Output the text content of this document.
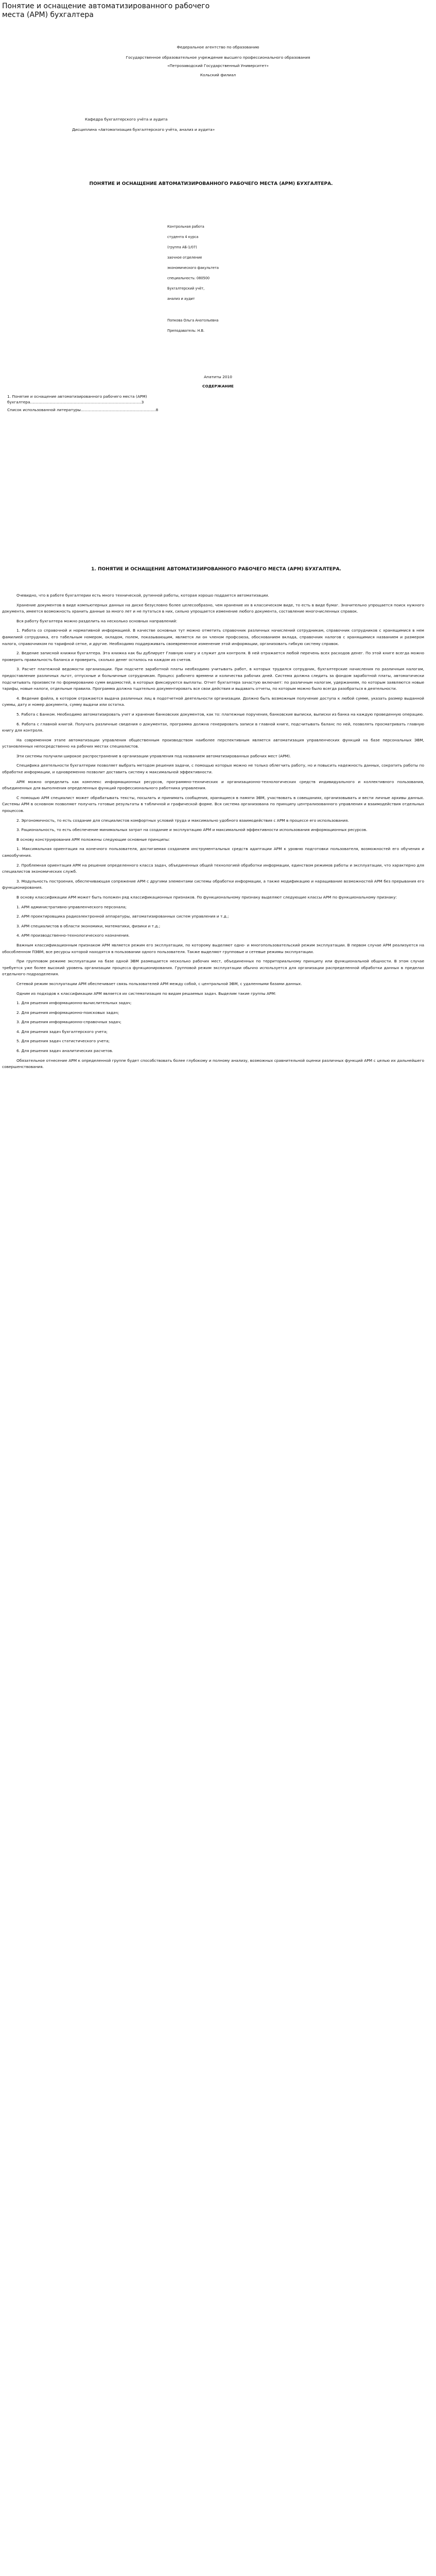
Понятие и оснащение автоматизированного рабочего места (АРМ) бухгалтера
Федеральное агентство по образованию
Государственное образовательное учреждение высшего профессионального образования
«Петрозаводский Государственный Университет»
Кольский филиал
Кафедра бухгалтерского учёта и аудита
Дисциплина «Автоматизация бухгалтерского учёта, анализ и аудита»
ПОНЯТИЕ И ОСНАЩЕНИЕ АВТОМАТИЗИРОВАННОГО РАБОЧЕГО МЕСТА (АРМ) БУХГАЛТЕРА.
Контрольная работа
студента 4 курса
(группа АБ-1/07)
заочное отделение
экономического факультета
специальность: 080500
Бухгалтерский учёт,
анализ и аудит
Попкова Ольга Анатольевна
Преподаватель: Н.В.
Апатиты 2010
СОДЕРЖАНИЕ
1. Понятие и оснащение автоматизированного рабочего места (АРМ) бухгалтера............................................................................................3
Список использованной литературы..............................................................8
1. ПОНЯТИЕ И ОСНАЩЕНИЕ АВТОМАТИЗИРОВАННОГО РАБОЧЕГО МЕСТА (АРМ) БУХГАЛТЕРА.

Очевидно, что в работе бухгалтерии есть много технической, рутинной работы, которая хорошо поддается автоматизации.

Хранение документов в виде компьютерных данных на диске безусловно более целесообразно, чем хранение их в классическом виде, то есть в виде бумаг. Значительно упрощается поиск нужного документа, имеется возможность хранить данные за много лет и не путаться в них, сильно упрощается изменение любого документа, составление многочисленных справок.

Вся работу бухгалтера можно разделить на несколько основных направлений:

1. Работа со справочной и нормативной информацией. В качестве основных тут можно отметить справочник различных начислений сотрудникам, справочник сотрудников с хранящимися в нем фамилией сотрудника, его табельным номером, окладом, полем, показывающим, является ли он членом профсоюза, обоснованием вклада, справочник налогов с хранящимися названием и размером налога, справочником по тарифной сетке, и другие. Необходимо поддерживать своевременное изменение этой информации, организовать гибкую систему справок.

2. Ведение записной книжки бухгалтера. Эта книжка как бы дублирует Главную книгу и служит для контроля. В ней отражается любой перечень всех расходов денег. По этой книге всегда можно проверить правильность баланса и проверить, сколько денег осталось на каждом из счетов.

3. Расчет платежной ведомости организации. При подсчете заработной платы необходимо учитывать работ, в которых трудился сотрудник, бухгалтерские начисления по различным налогам, предоставление различных льгот, отпускные и больничные сотрудникам. Процесс рабочего времени и количества рабочих дней. Система должна следить за фондом заработной платы, автоматически подсчитывать произвести по формированию сумм ведомостей, в которых фиксируются выплаты. Отчет бухгалтера зачастую включает: по различным налогам, удержаниям, по которым заявляются новые тарифы, новые налоги, отдельные правила. Программа должна тщательно документировать все свои действия и выдавать отчеты, по которым можно было всегда разобраться в деятельности.

4. Ведение файла, в котором отражаются выдача различных лиц в подотчетной деятельности организации. Должно быть возможным получение доступа к любой сумме, указать размер выданной суммы, дату и номер документа, сумму выдачи или остатка.

5. Работа с Банком. Необходимо автоматизировать учет и хранение банковских документов, как то: платежные поручения, банковские выписки, выписки из банка на каждую проведенную операцию.

6. Работа с главной книгой. Получать различные сведения о документах, программа должна генерировать записи в главной книге, подсчитывать баланс по ней, позволять просматривать главную книгу для контроля.

На современном этапе автоматизации управления общественным производством наиболее перспективным является автоматизация управленческих функций на базе персональных ЭВМ, установленных непосредственно на рабочих местах специалистов.

Эти системы получили широкое распространение в организации управления под названием автоматизированных рабочих мест (АРМ).

Специфика деятельности бухгалтерии позволяет выбрать методом решения задачи, с помощью которых можно не только облегчить работу, но и повысить надежность данных, сократить работы по обработке информации, и одновременно позволит доставить систему к максимальной эффективности.

АРМ можно определить как комплекс информационных ресурсов, программно-технических и организационно-технологических средств индивидуального и коллективного пользования, объединенных для выполнения определенных функций профессионального работника управления.

С помощью АРМ специалист может обрабатывать тексты, посылать и принимать сообщения, хранящиеся в памяти ЭВМ, участвовать в совещаниях, организовывать и вести личные архивы данных. Системы АРМ в основном позволяют получать готовые результаты в табличной и графической форме. Вся система организована по принципу централизованного управления и взаимодействия отдельных процессов.

2. Эргономичность, то есть создание для специалистов комфортных условий труда и максимально удобного взаимодействия с АРМ в процессе его использования.

3. Рациональность, то есть обеспечение минимальных затрат на создание и эксплуатацию АРМ и максимальной эффективности использования информационных ресурсов.

В основу конструирования АРМ положены следующие основные принципы:

1. Максимальная ориентация на конечного пользователя, достигаемая созданием инструментальных средств адаптации АРМ к уровню подготовки пользователя, возможностей его обучения и самообучения.

2. Проблемная ориентация АРМ на решение определенного класса задач, объединенных общей технологией обработки информации, единством режимов работы и эксплуатации, что характерно для специалистов экономических служб.

3. Модульность построения, обеспечивающая сопряжение АРМ с другими элементами системы обработки информации, а также модификацию и наращивание возможностей АРМ без прерывания его функционирования.

В основу классификации АРМ может быть положен ряд классификационных признаков. По функциональному признаку выделяют следующие классы АРМ по функциональному признаку:

1. АРМ административно-управленческого персонала;

2. АРМ проектировщика радиоэлектронной аппаратуры, автоматизированных систем управления и т.д.;

3. АРМ специалистов в области экономики, математики, физики и т.д.;

4. АРМ производственно-технологического назначения.

Важным классификационным признаком АРМ является режим его эксплуатации, по которому выделяют одно- и многопользовательский режим эксплуатации. В первом случае АРМ реализуется на обособленном ПЭВМ, все ресурсы которой находятся в пользовании одного пользователя. Также выделяют групповые и сетевые режимы эксплуатации.

При групповом режиме эксплуатации на базе одной ЭВМ размещается несколько рабочих мест, объединенных по территориальному принципу или функциональной общности. В этом случае требуется уже более высокий уровень организации процесса функционирования. Групповой режим эксплуатации обычно используется для организации распределенной обработки данных в пределах отдельного подразделения.

Сетевой режим эксплуатации АРМ обеспечивает связь пользователей АРМ между собой, с центральной ЭВМ, с удаленными базами данных.

Одним из подходов к классификации АРМ является их систематизация по видам решаемых задач. Выделим такие группы АРМ:

1. Для решения информационно-вычислительных задач;

2. Для решения информационно-поисковых задач;

3. Для решения информационно-справочных задач;

4. Для решения задач бухгалтерского учета;

5. Для решения задач статистического учета;

6. Для решения задач аналитических расчетов.

Обязательное отнесение АРМ к определенной группе будет способствовать более глубокому и полному анализу, возможных сравнительной оценки различных функций АРМ с целью их дальнейшего совершенствования.
